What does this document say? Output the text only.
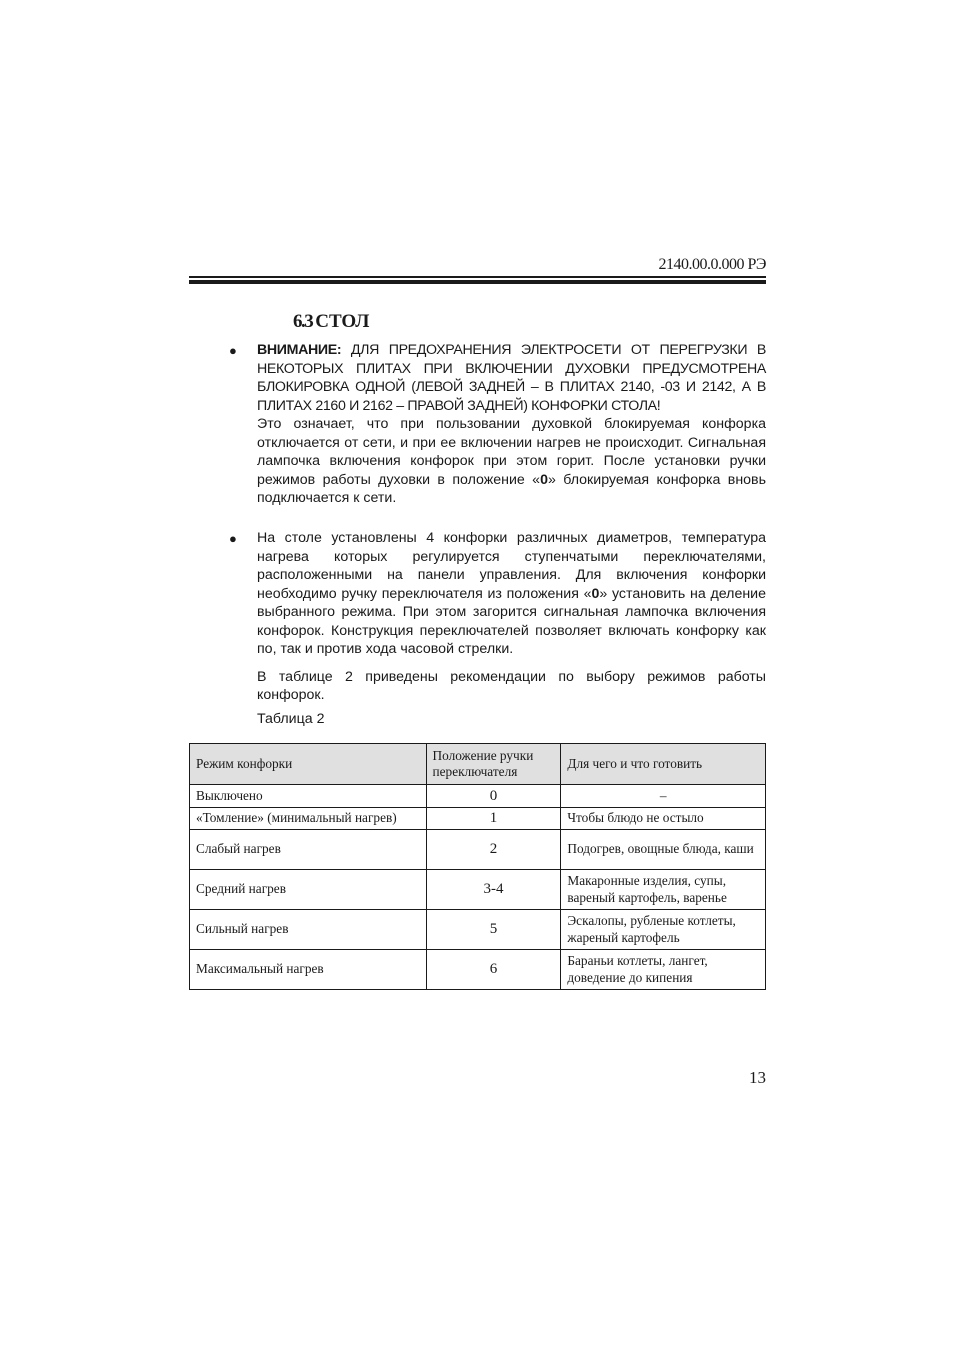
2140.00.0.000 РЭ
6.3 СТОЛ
● ВНИМАНИЕ: ДЛЯ ПРЕДОХРАНЕНИЯ ЭЛЕКТРОСЕТИ ОТ ПЕРЕГРУЗКИ В НЕКОТОРЫХ ПЛИТАХ ПРИ ВКЛЮЧЕНИИ ДУХОВКИ ПРЕДУСМОТРЕНА БЛОКИРОВКА ОДНОЙ (ЛЕВОЙ ЗАДНЕЙ – В ПЛИТАХ 2140, -03 И 2142, А В ПЛИТАХ 2160 И 2162 – ПРАВОЙ ЗАДНЕЙ) КОНФОРКИ СТОЛА!

Это означает, что при пользовании духовкой блокируемая конфорка отключается от сети, и при ее включении нагрев не происходит. Сигнальная лампочка включения конфорок при этом горит. После установки ручки режимов работы духовки в положение «0» блокируемая конфорка вновь подключается к сети.

● На столе установлены 4 конфорки различных диаметров, температура нагрева которых регулируется ступенчатыми переключателями, расположенными на панели управления. Для включения конфорки необходимо ручку переключателя из положения «0» установить на деление выбранного режима. При этом загорится сигнальная лампочка включения конфорок. Конструкция переключателей позволяет включать конфорку как по, так и против хода часовой стрелки.

В таблице 2 приведены рекомендации по выбору режимов работы конфорок.

Таблица 2
Режим конфорки	Положение ручки переключателя	Для чего и что готовить
Выключено	0	–
«Томление» (минимальный нагрев)	1	Чтобы блюдо не остыло
Слабый нагрев	2	Подогрев, овощные блюда, каши
Средний нагрев	3-4	Макаронные изделия, супы, вареный картофель, варенье
Сильный нагрев	5	Эскалопы, рубленые котлеты, жареный картофель
Максимальный нагрев	6	Бараньи котлеты, лангет, доведение до кипения
13
